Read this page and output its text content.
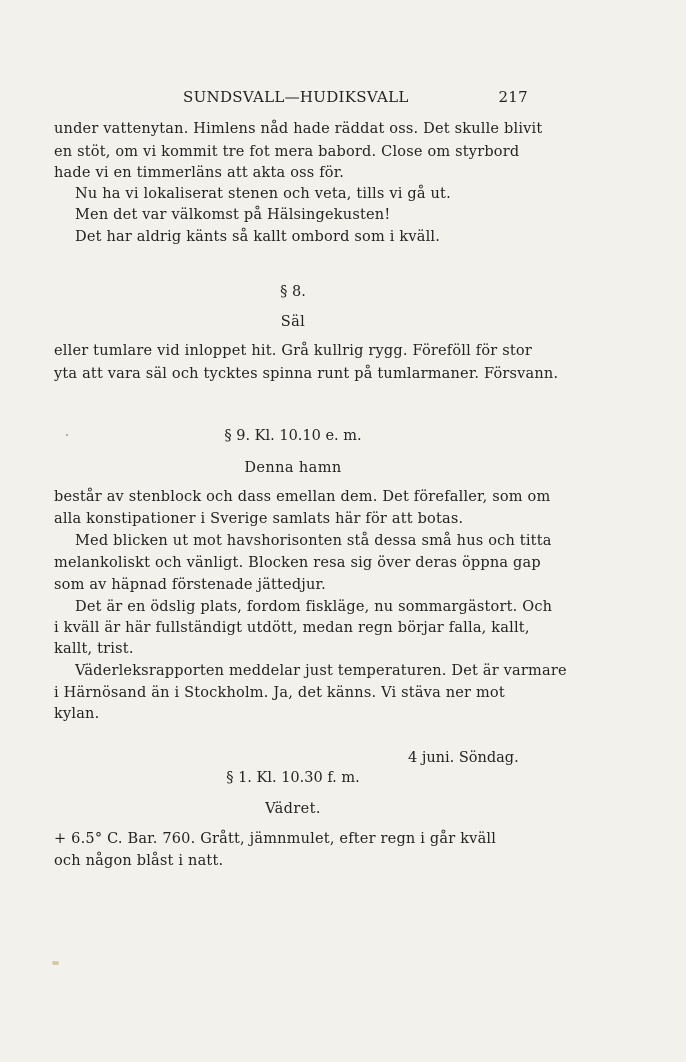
SUNDSVALL—HUDIKSVALL	217
under vattenytan. Himlens nåd hade räddat oss. Det skulle blivit
en stöt, om vi kommit tre fot mera babord. Close om styrbord
hade vi en timmerläns att akta oss för.
Nu ha vi lokaliserat stenen och veta, tills vi gå ut.
Men det var välkomst på Hälsingekusten!
Det har aldrig känts så kallt ombord som i kväll.
§ 8.
Säl
eller tumlare vid inloppet hit. Grå kullrig rygg. Föreföll för stor
yta att vara säl och tycktes spinna runt på tumlarmaner. Försvann.
§ 9. Kl. 10.10 e. m.
Denna hamn
består av stenblock och dass emellan dem. Det förefaller, som om
alla konstipationer i Sverige samlats här för att botas.
Med blicken ut mot havshorisonten stå dessa små hus och titta
melankoliskt och vänligt. Blocken resa sig över deras öppna gap
som av häpnad förstenade jättedjur.
Det är en ödslig plats, fordom fiskläge, nu sommargästort. Och
i kväll är här fullständigt utdött, medan regn börjar falla, kallt,
kallt, trist.
Väderleksrapporten meddelar just temperaturen. Det är varmare
i Härnösand än i Stockholm. Ja, det känns. Vi stäva ner mot
kylan.
4 juni. Söndag.
§ 1. Kl. 10.30 f. m.
Vädret.
+ 6.5° C. Bar. 760. Grått, jämnmulet, efter regn i går kväll
och någon blåst i natt.
